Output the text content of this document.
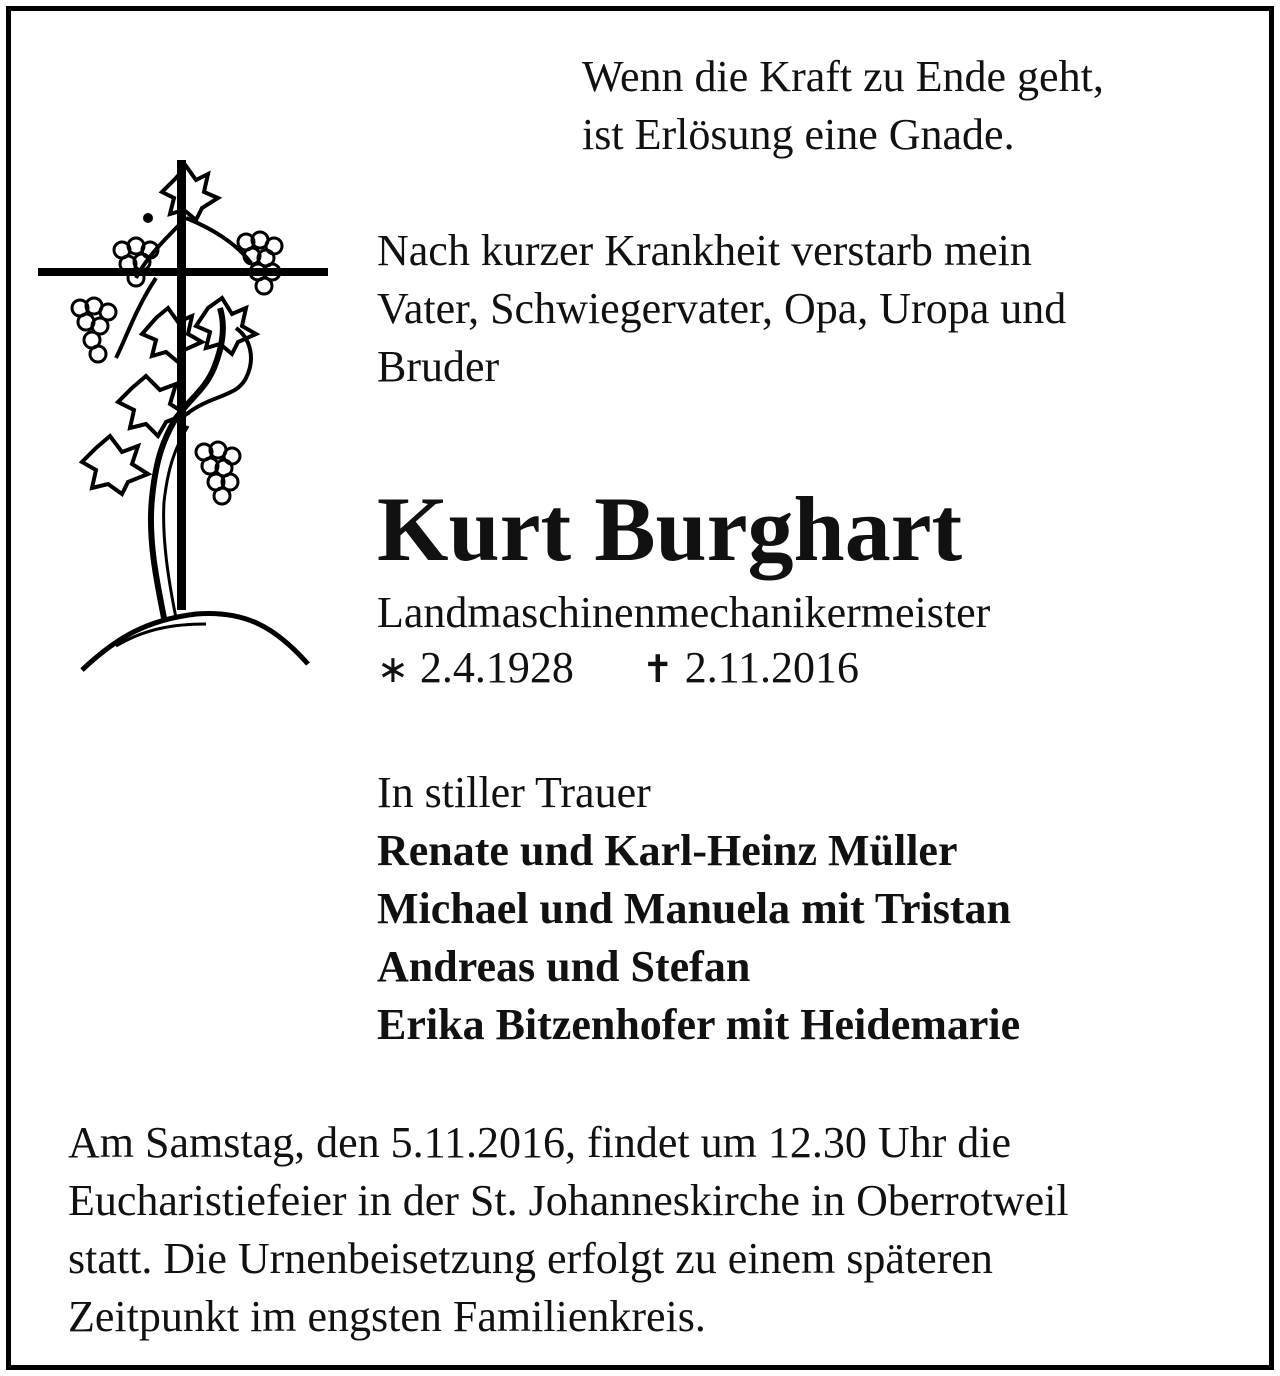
Wenn die Kraft zu Ende geht,
ist Erlösung eine Gnade.
Nach kurzer Krankheit verstarb mein
Vater, Schwiegervater, Opa, Uropa und
Bruder
Kurt Burghart
Landmaschinenmechanikermeister
∗ 2.4.1928 ✝ 2.11.2016
In stiller Trauer
Renate und Karl-Heinz Müller
Michael und Manuela mit Tristan
Andreas und Stefan
Erika Bitzenhofer mit Heidemarie
Am Samstag, den 5.11.2016, findet um 12.30 Uhr die
Eucharistiefeier in der St. Johanneskirche in Oberrotweil
statt. Die Urnenbeisetzung erfolgt zu einem späteren
Zeitpunkt im engsten Familienkreis.
